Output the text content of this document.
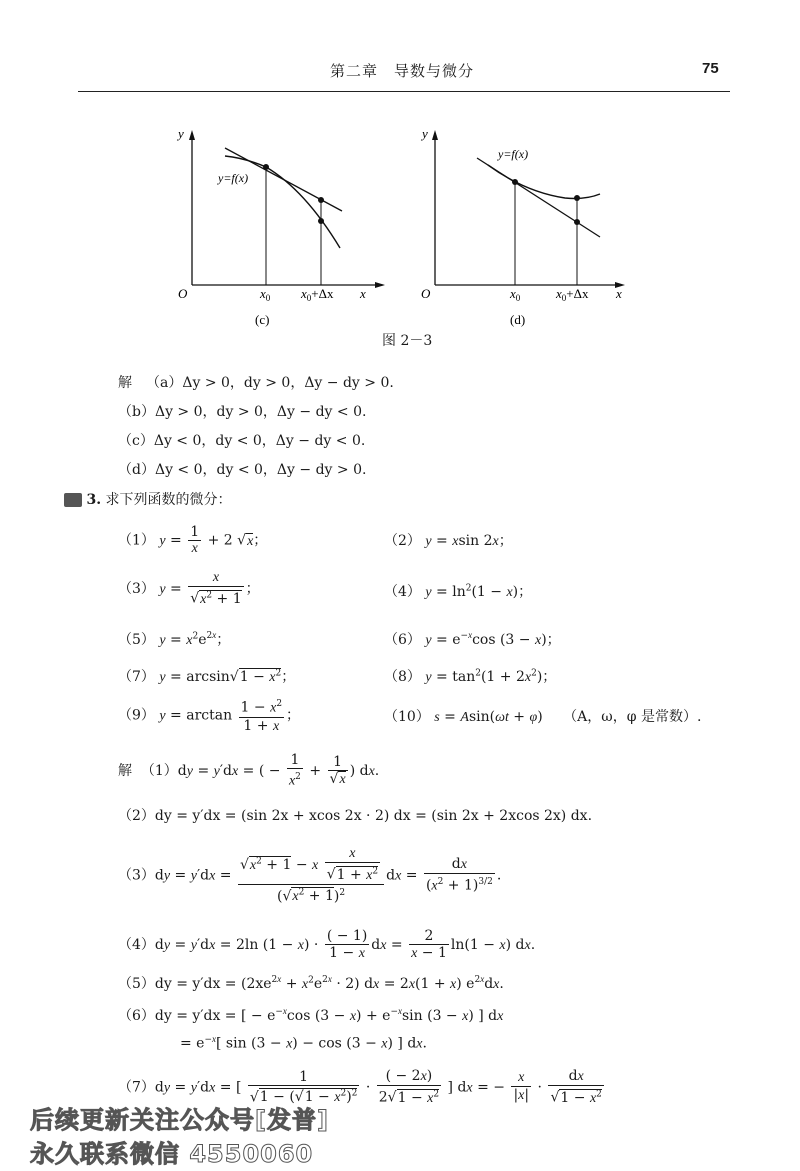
第二章　导数与微分	75
y
x
O
y=f(x)
$x_0$ $x_0+\Delta x$
(c)
y
x
O
y=f(x)
$x_0$	$x_0+\Delta x$
(d)
图 2－3
解 （a）Δy > 0，dy > 0，Δy − dy > 0.
（b）Δy > 0，dy > 0，Δy − dy < 0.
（c）Δy < 0，dy < 0，Δy − dy < 0.
（d）Δy < 0，dy < 0，Δy − dy > 0.
3. 求下列函数的微分：
（1） $y = \frac{1}{x} + 2$ √x；	（2） y = xsin 2x；
（3） $y = \frac{x}{√x^2 + 1}$ ；	（4） $y = \ln^2(1 - x)$；
（5） $y = x^2e^{2x}$；	（6） $y = e^{-x}\cos$ (3 − x)；
（7） $y = \arcsin√1 - x^2$；	（8） $y = \tan^2(1 + 2x^2)$；
（9） $y = \arctan \frac{1 - x^2}{1 + x}$ ；	（10） s = Asin(ωt + φ) （A，ω，φ 是常数）.
解  （1）dy = y′dx = ( − $\frac{1}{x^2} + \frac{1}{√x}$ ) dx.
（2）dy = y′dx = (sin 2x + xcos 2x · 2) dx = (sin 2x + 2xcos 2x) dx.
$(3)dy = y'dx = \frac{√x^2 + 1 - x \frac{x}{√1 + x^2}}{(√x^2 + 1)^2}$ dx = $\frac{dx}{(x^2 + 1)^{3/2}}$ .
（4）dy = y′dx = 2ln $(1 - x) \cdot \frac{( - 1)}{1 - x}$ dx = $\frac{2}{x - 1} \ln(1 - x)$ dx.
$(5)dy = y'dx = (2xe^{2x} + x^2e^{2x} \cdot 2)$ dx = 2x(1 + x) $e^{2x}dx$.
（6）dy = y′dx = [ − $e^{-x}\cos$ $(3 - x) + e^{-x}\sin$ (3 − x) ] dx
= $e^{-x}$[ sin (3 − x) − cos (3 − x) ] dx.
（7）dy = y′dx = [ $\frac{1}{√1 - (√1 - x^2)^2} \cdot \frac{( - 2x)}{2√1 - x^2}$ ] dx = − $\frac{x}{|x|} \cdot \frac{dx}{√1 - x^2}$
后续更新关注公众号[发普]
永久联系微信 4550060
